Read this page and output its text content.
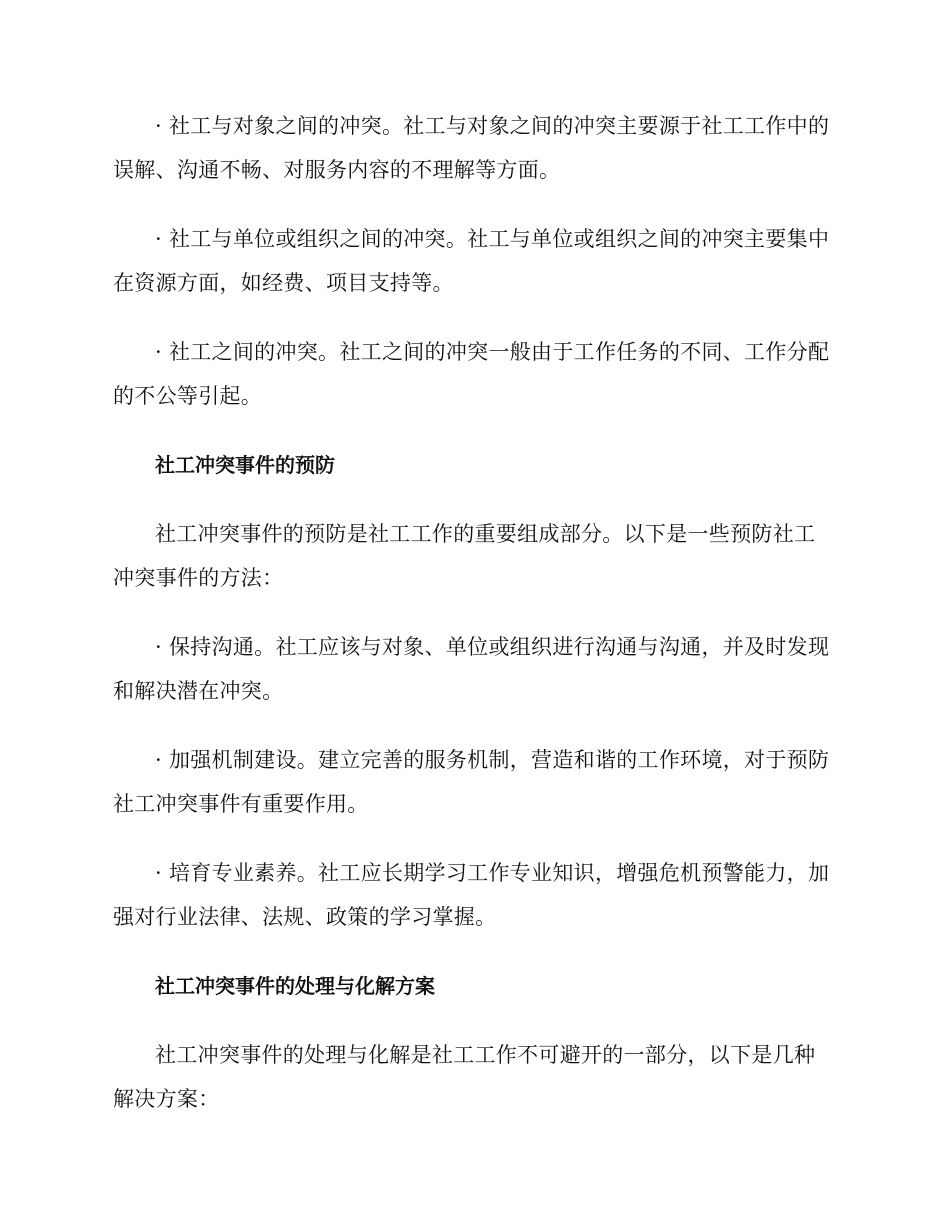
· 社工与对象之间的冲突。社工与对象之间的冲突主要源于社工工作中的误解、沟通不畅、对服务内容的不理解等方面。

· 社工与单位或组织之间的冲突。社工与单位或组织之间的冲突主要集中在资源方面，如经费、项目支持等。

· 社工之间的冲突。社工之间的冲突一般由于工作任务的不同、工作分配的不公等引起。

社工冲突事件的预防

社工冲突事件的预防是社工工作的重要组成部分。以下是一些预防社工冲突事件的方法：

· 保持沟通。社工应该与对象、单位或组织进行沟通与沟通，并及时发现和解决潜在冲突。

· 加强机制建设。建立完善的服务机制，营造和谐的工作环境，对于预防社工冲突事件有重要作用。

· 培育专业素养。社工应长期学习工作专业知识，增强危机预警能力，加强对行业法律、法规、政策的学习掌握。

社工冲突事件的处理与化解方案

社工冲突事件的处理与化解是社工工作不可避开的一部分，以下是几种解决方案：
